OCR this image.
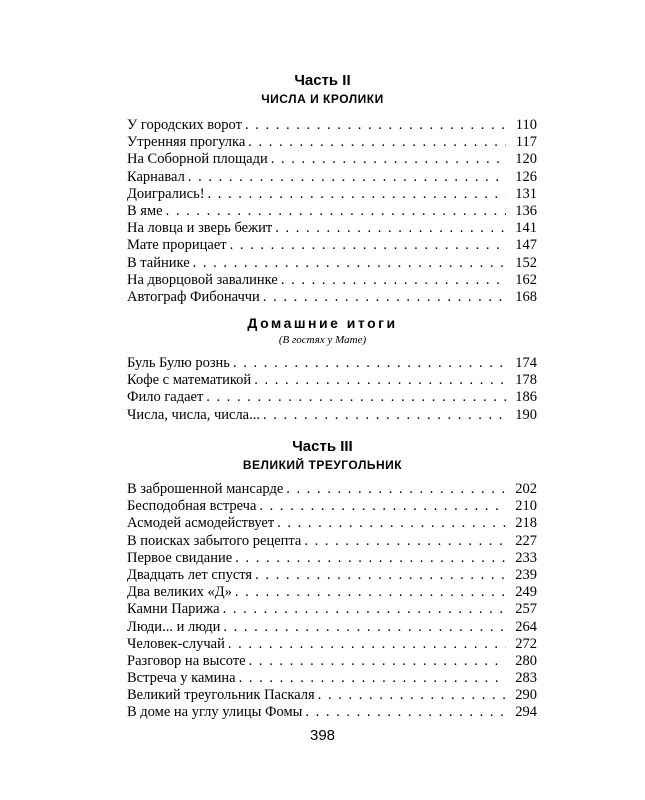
Часть II
ЧИСЛА И КРОЛИКИ
У городских ворот . . .	110
Утренняя прогулка . . .	117
На Соборной площади . . .	120
Карнавал . . .	126
Доигрались! . . .	131
В яме . . .	136
На ловца и зверь бежит . . .	141
Мате прорицает . . .	147
В тайнике . . .	152
На дворцовой завалинке . . .	162
Автограф Фибоначчи . . .	168
Домашние итоги
(В гостях у Мате)
Буль Булю рознь . . .	174
Кофе с математикой . . .	178
Фило гадает . . .	186
Числа, числа, числа... . . .	190
Часть III
ВЕЛИКИЙ ТРЕУГОЛЬНИК
В заброшенной мансарде . . .	202
Бесподобная встреча . . .	210
Асмодей асмодействует . . .	218
В поисках забытого рецепта . . .	227
Первое свидание . . .	233
Двадцать лет спустя . . .	239
Два великих «Д» . . .	249
Камни Парижа . . .	257
Люди... и люди . . .	264
Человек-случай . . .	272
Разговор на высоте . . .	280
Встреча у камина . . .	283
Великий треугольник Паскаля . . .	290
В доме на углу улицы Фомы . . .	294
398
